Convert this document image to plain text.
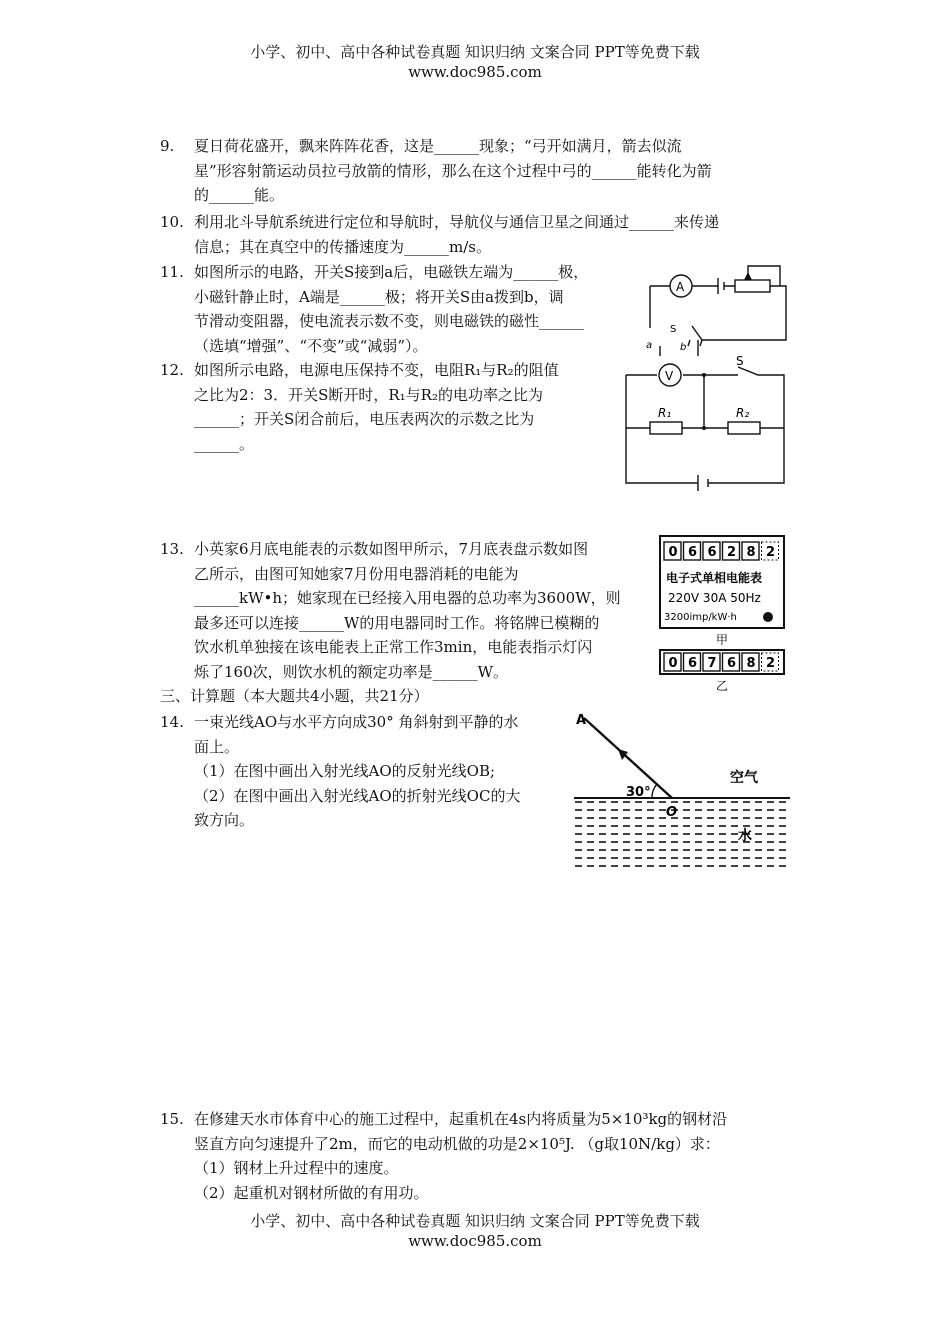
小学、初中、高中各种试卷真题 知识归纳 文案合同 PPT等免费下载
www.doc985.com
9.	夏日荷花盛开，飘来阵阵花香，这是______现象；“弓开如满月，箭去似流
星”形容射箭运动员拉弓放箭的情形，那么在这个过程中弓的______能转化为箭
的______能。
10. 利用北斗导航系统进行定位和导航时，导航仪与通信卫星之间通过______来传递
信息；其在真空中的传播速度为______m/s。
11. 如图所示的电路，开关S接到a后，电磁铁左端为______极，
小磁针静止时，A端是______极；将开关S由a拨到b，调
节滑动变阻器，使电流表示数不变，则电磁铁的磁性______
（选填“增强”、“不变”或“减弱”）。
A
S
a	b
12. 如图所示电路，电源电压保持不变，电阻R₁与R₂的阻值
之比为2：3．开关S断开时，R₁与R₂的电功率之比为
______；开关S闭合前后，电压表两次的示数之比为
______。
V
S
R₁	R₂
13. 小英家6月底电能表的示数如图甲所示，7月底表盘示数如图
乙所示，由图可知她家7月份用电器消耗的电能为
______kW•h；她家现在已经接入用电器的总功率为3600W，则
最多还可以连接______W的用电器同时工作。将铭牌已模糊的
饮水机单独接在该电能表上正常工作3min，电能表指示灯闪
烁了160次，则饮水机的额定功率是______W。
0 6 6 2 8 2
电子式单相电能表
220V 30A 50Hz
3200imp/kW·h
甲
0 6 7 6 8 2
乙
三、计算题（本大题共4小题，共21分）
14. 一束光线AO与水平方向成30° 角斜射到平静的水
面上。
（1）在图中画出入射光线AO的反射光线OB;
（2）在图中画出入射光线AO的折射光线OC的大
致方向。
A
30°
O
空气
水
15. 在修建天水市体育中心的施工过程中，起重机在4s内将质量为5×10³kg的钢材沿
竖直方向匀速提升了2m，而它的电动机做的功是2×10⁵J. （g取10N/kg）求：
（1）钢材上升过程中的速度。
（2）起重机对钢材所做的有用功。
小学、初中、高中各种试卷真题 知识归纳 文案合同 PPT等免费下载
www.doc985.com
